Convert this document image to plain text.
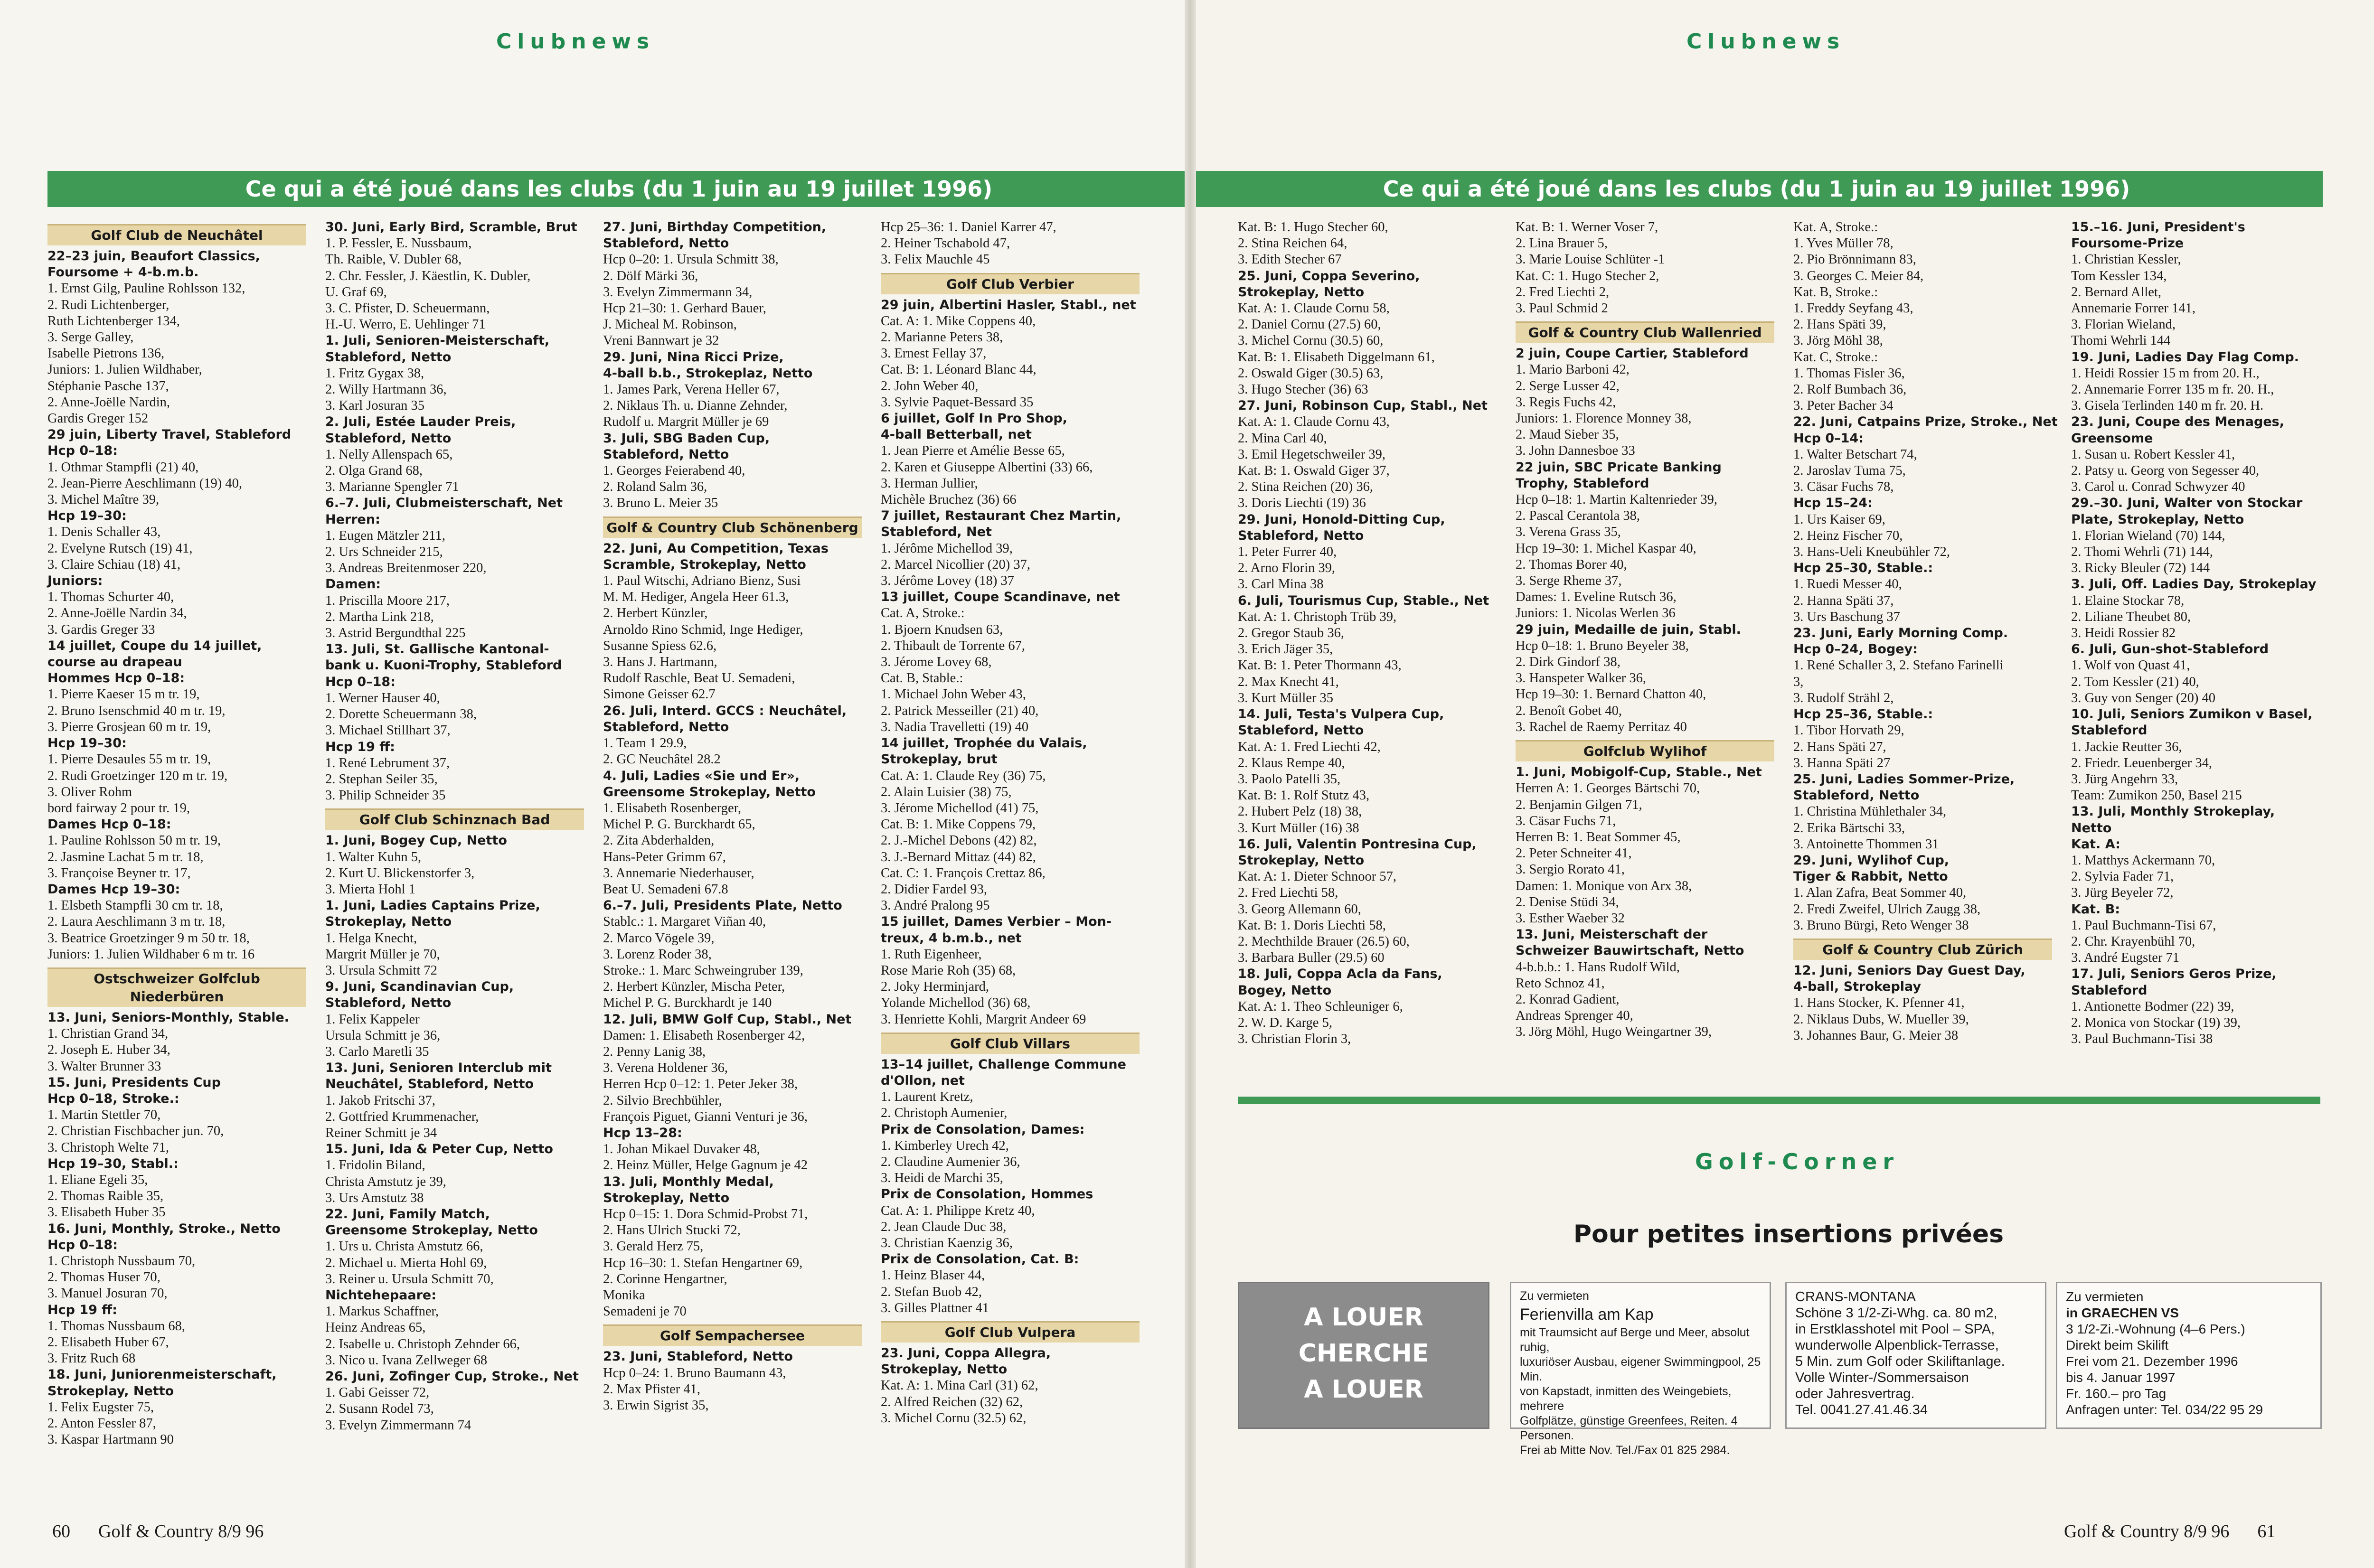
Clubnews
Ce qui a été joué dans les clubs (du 1 juin au 19 juillet 1996)
Golf Club de Neuchâtel
22–23 juin, Beaufort Classics,
Foursome + 4-b.m.b.
1. Ernst Gilg, Pauline Rohlsson 132,
2. Rudi Lichtenberger,
Ruth Lichtenberger 134,
3. Serge Galley,
Isabelle Pietrons 136,
Juniors: 1. Julien Wildhaber,
Stéphanie Pasche 137,
2. Anne-Joëlle Nardin,
Gardis Greger 152
29 juin, Liberty Travel, Stableford
Hcp 0–18:
1. Othmar Stampfli (21) 40,
2. Jean-Pierre Aeschlimann (19) 40,
3. Michel Maître 39,
Hcp 19–30:
1. Denis Schaller 43,
2. Evelyne Rutsch (19) 41,
3. Claire Schiau (18) 41,
Juniors:
1. Thomas Schurter 40,
2. Anne-Joëlle Nardin 34,
3. Gardis Greger 33
14 juillet, Coupe du 14 juillet,
course au drapeau
Hommes Hcp 0–18:
1. Pierre Kaeser 15 m tr. 19,
2. Bruno Isenschmid 40 m tr. 19,
3. Pierre Grosjean 60 m tr. 19,
Hcp 19–30:
1. Pierre Desaules 55 m tr. 19,
2. Rudi Groetzinger 120 m tr. 19,
3. Oliver Rohm
bord fairway 2 pour tr. 19,
Dames Hcp 0–18:
1. Pauline Rohlsson 50 m tr. 19,
2. Jasmine Lachat 5 m tr. 18,
3. Françoise Beyner tr. 17,
Dames Hcp 19–30:
1. Elsbeth Stampfli 30 cm tr. 18,
2. Laura Aeschlimann 3 m tr. 18,
3. Beatrice Groetzinger 9 m 50 tr. 18,
Juniors: 1. Julien Wildhaber 6 m tr. 16
Ostschweizer Golfclub Niederbüren
13. Juni, Seniors-Monthly, Stable.
1. Christian Grand 34,
2. Joseph E. Huber 34,
3. Walter Brunner 33
15. Juni, Presidents Cup
Hcp 0–18, Stroke.:
1. Martin Stettler 70,
2. Christian Fischbacher jun. 70,
3. Christoph Welte 71,
Hcp 19–30, Stabl.:
1. Eliane Egeli 35,
2. Thomas Raible 35,
3. Elisabeth Huber 35
16. Juni, Monthly, Stroke., Netto
Hcp 0–18:
1. Christoph Nussbaum 70,
2. Thomas Huser 70,
3. Manuel Josuran 70,
Hcp 19 ff:
1. Thomas Nussbaum 68,
2. Elisabeth Huber 67,
3. Fritz Ruch 68
18. Juni, Juniorenmeisterschaft,
Strokeplay, Netto
1. Felix Eugster 75,
2. Anton Fessler 87,
3. Kaspar Hartmann 90
30. Juni, Early Bird, Scramble, Brut
1. P. Fessler, E. Nussbaum,
Th. Raible, V. Dubler 68,
2. Chr. Fessler, J. Käestlin, K. Dubler,
U. Graf 69,
3. C. Pfister, D. Scheuermann,
H.-U. Werro, E. Uehlinger 71
1. Juli, Senioren-Meisterschaft,
Stableford, Netto
1. Fritz Gygax 38,
2. Willy Hartmann 36,
3. Karl Josuran 35
2. Juli, Estée Lauder Preis,
Stableford, Netto
1. Nelly Allenspach 65,
2. Olga Grand 68,
3. Marianne Spengler 71
6.–7. Juli, Clubmeisterschaft, Net
Herren:
1. Eugen Mätzler 211,
2. Urs Schneider 215,
3. Andreas Breitenmoser 220,
Damen:
1. Priscilla Moore 217,
2. Martha Link 218,
3. Astrid Bergundthal 225
13. Juli, St. Gallische Kantonal-
bank u. Kuoni-Trophy, Stableford
Hcp 0–18:
1. Werner Hauser 40,
2. Dorette Scheuermann 38,
3. Michael Stillhart 37,
Hcp 19 ff:
1. René Lebrument 37,
2. Stephan Seiler 35,
3. Philip Schneider 35
Golf Club Schinznach Bad
1. Juni, Bogey Cup, Netto
1. Walter Kuhn 5,
2. Kurt U. Blickenstorfer 3,
3. Mierta Hohl 1
1. Juni, Ladies Captains Prize,
Strokeplay, Netto
1. Helga Knecht,
Margrit Müller je 70,
3. Ursula Schmitt 72
9. Juni, Scandinavian Cup,
Stableford, Netto
1. Felix Kappeler
Ursula Schmitt je 36,
3. Carlo Maretli 35
13. Juni, Senioren Interclub mit
Neuchâtel, Stableford, Netto
1. Jakob Fritschi 37,
2. Gottfried Krummenacher,
Reiner Schmitt je 34
15. Juni, Ida & Peter Cup, Netto
1. Fridolin Biland,
Christa Amstutz je 39,
3. Urs Amstutz 38
22. Juni, Family Match,
Greensome Strokeplay, Netto
1. Urs u. Christa Amstutz 66,
2. Michael u. Mierta Hohl 69,
3. Reiner u. Ursula Schmitt 70,
Nichtehepaare:
1. Markus Schaffner,
Heinz Andreas 65,
2. Isabelle u. Christoph Zehnder 66,
3. Nico u. Ivana Zellweger 68
26. Juni, Zofinger Cup, Stroke., Net
1. Gabi Geisser 72,
2. Susann Rodel 73,
3. Evelyn Zimmermann 74
27. Juni, Birthday Competition,
Stableford, Netto
Hcp 0–20: 1. Ursula Schmitt 38,
2. Dölf Märki 36,
3. Evelyn Zimmermann 34,
Hcp 21–30: 1. Gerhard Bauer,
J. Micheal M. Robinson,
Vreni Bannwart je 32
29. Juni, Nina Ricci Prize,
4-ball b.b., Strokeplaz, Netto
1. James Park, Verena Heller 67,
2. Niklaus Th. u. Dianne Zehnder,
Rudolf u. Margrit Müller je 69
3. Juli, SBG Baden Cup,
Stableford, Netto
1. Georges Feierabend 40,
2. Roland Salm 36,
3. Bruno L. Meier 35
Golf & Country Club Schönenberg
22. Juni, Au Competition, Texas
Scramble, Strokeplay, Netto
1. Paul Witschi, Adriano Bienz, Susi
M. M. Hediger, Angela Heer 61.3,
2. Herbert Künzler,
Arnoldo Rino Schmid, Inge Hediger,
Susanne Spiess 62.6,
3. Hans J. Hartmann,
Rudolf Raschle, Beat U. Semadeni,
Simone Geisser 62.7
26. Juli, Interd. GCCS : Neuchâtel,
Stableford, Netto
1. Team 1 29.9,
2. GC Neuchâtel 28.2
4. Juli, Ladies «Sie und Er»,
Greensome Strokeplay, Netto
1. Elisabeth Rosenberger,
Michel P. G. Burckhardt 65,
2. Zita Abderhalden,
Hans-Peter Grimm 67,
3. Annemarie Niederhauser,
Beat U. Semadeni 67.8
6.–7. Juli, Presidents Plate, Netto
Stablc.: 1. Margaret Viñan 40,
2. Marco Vögele 39,
3. Lorenz Roder 38,
Stroke.: 1. Marc Schweingruber 139,
2. Herbert Künzler, Mischa Peter,
Michel P. G. Burckhardt je 140
12. Juli, BMW Golf Cup, Stabl., Net
Damen: 1. Elisabeth Rosenberger 42,
2. Penny Lanig 38,
3. Verena Holdener 36,
Herren Hcp 0–12: 1. Peter Jeker 38,
2. Silvio Brechbühler,
François Piguet, Gianni Venturi je 36,
Hcp 13–28:
1. Johan Mikael Duvaker 48,
2. Heinz Müller, Helge Gagnum je 42
13. Juli, Monthly Medal,
Strokeplay, Netto
Hcp 0–15: 1. Dora Schmid-Probst 71,
2. Hans Ulrich Stucki 72,
3. Gerald Herz 75,
Hcp 16–30: 1. Stefan Hengartner 69,
2. Corinne Hengartner,
Monika
Semadeni je 70
Golf Sempachersee
23. Juni, Stableford, Netto
Hcp 0–24: 1. Bruno Baumann 43,
2. Max Pfister 41,
3. Erwin Sigrist 35,
Hcp 25–36: 1. Daniel Karrer 47,
2. Heiner Tschabold 47,
3. Felix Mauchle 45
Golf Club Verbier
29 juin, Albertini Hasler, Stabl., net
Cat. A: 1. Mike Coppens 40,
2. Marianne Peters 38,
3. Ernest Fellay 37,
Cat. B: 1. Léonard Blanc 44,
2. John Weber 40,
3. Sylvie Paquet-Bessard 35
6 juillet, Golf In Pro Shop,
4-ball Betterball, net
1. Jean Pierre et Amélie Besse 65,
2. Karen et Giuseppe Albertini (33) 66,
3. Herman Jullier,
Michèle Bruchez (36) 66
7 juillet, Restaurant Chez Martin,
Stableford, Net
1. Jérôme Michellod 39,
2. Marcel Nicollier (20) 37,
3. Jérôme Lovey (18) 37
13 juillet, Coupe Scandinave, net
Cat. A, Stroke.:
1. Bjoern Knudsen 63,
2. Thibault de Torrente 67,
3. Jérome Lovey 68,
Cat. B, Stable.:
1. Michael John Weber 43,
2. Patrick Messeiller (21) 40,
3. Nadia Travelletti (19) 40
14 juillet, Trophée du Valais,
Strokeplay, brut
Cat. A: 1. Claude Rey (36) 75,
2. Alain Luisier (38) 75,
3. Jérome Michellod (41) 75,
Cat. B: 1. Mike Coppens 79,
2. J.-Michel Debons (42) 82,
3. J.-Bernard Mittaz (44) 82,
Cat. C: 1. François Crettaz 86,
2. Didier Fardel 93,
3. André Pralong 95
15 juillet, Dames Verbier – Mon-
treux, 4 b.m.b., net
1. Ruth Eigenheer,
Rose Marie Roh (35) 68,
2. Joky Herminjard,
Yolande Michellod (36) 68,
3. Henriette Kohli, Margrit Andeer 69
Golf Club Villars
13–14 juillet, Challenge Commune
d'Ollon, net
1. Laurent Kretz,
2. Christoph Aumenier,
Prix de Consolation, Dames:
1. Kimberley Urech 42,
2. Claudine Aumenier 36,
3. Heidi de Marchi 35,
Prix de Consolation, Hommes
Cat. A: 1. Philippe Kretz 40,
2. Jean Claude Duc 38,
3. Christian Kaenzig 36,
Prix de Consolation, Cat. B:
1. Heinz Blaser 44,
2. Stefan Buob 42,
3. Gilles Plattner 41
Golf Club Vulpera
23. Juni, Coppa Allegra,
Strokeplay, Netto
Kat. A: 1. Mina Carl (31) 62,
2. Alfred Reichen (32) 62,
3. Michel Cornu (32.5) 62,
60 Golf & Country 8/9 96
Clubnews
Ce qui a été joué dans les clubs (du 1 juin au 19 juillet 1996)
Kat. B: 1. Hugo Stecher 60,
2. Stina Reichen 64,
3. Edith Stecher 67
25. Juni, Coppa Severino,
Strokeplay, Netto
Kat. A: 1. Claude Cornu 58,
2. Daniel Cornu (27.5) 60,
3. Michel Cornu (30.5) 60,
Kat. B: 1. Elisabeth Diggelmann 61,
2. Oswald Giger (30.5) 63,
3. Hugo Stecher (36) 63
27. Juni, Robinson Cup, Stabl., Net
Kat. A: 1. Claude Cornu 43,
2. Mina Carl 40,
3. Emil Hegetschweiler 39,
Kat. B: 1. Oswald Giger 37,
2. Stina Reichen (20) 36,
3. Doris Liechti (19) 36
29. Juni, Honold-Ditting Cup,
Stableford, Netto
1. Peter Furrer 40,
2. Arno Florin 39,
3. Carl Mina 38
6. Juli, Tourismus Cup, Stable., Net
Kat. A: 1. Christoph Trüb 39,
2. Gregor Staub 36,
3. Erich Jäger 35,
Kat. B: 1. Peter Thormann 43,
2. Max Knecht 41,
3. Kurt Müller 35
14. Juli, Testa's Vulpera Cup,
Stableford, Netto
Kat. A: 1. Fred Liechti 42,
2. Klaus Rempe 40,
3. Paolo Patelli 35,
Kat. B: 1. Rolf Stutz 43,
2. Hubert Pelz (18) 38,
3. Kurt Müller (16) 38
16. Juli, Valentin Pontresina Cup,
Strokeplay, Netto
Kat. A: 1. Dieter Schnoor 57,
2. Fred Liechti 58,
3. Georg Allemann 60,
Kat. B: 1. Doris Liechti 58,
2. Mechthilde Brauer (26.5) 60,
3. Barbara Buller (29.5) 60
18. Juli, Coppa Acla da Fans,
Bogey, Netto
Kat. A: 1. Theo Schleuniger 6,
2. W. D. Karge 5,
3. Christian Florin 3,
Kat. B: 1. Werner Voser 7,
2. Lina Brauer 5,
3. Marie Louise Schlüter -1
Kat. C: 1. Hugo Stecher 2,
2. Fred Liechti 2,
3. Paul Schmid 2
Golf & Country Club Wallenried
2 juin, Coupe Cartier, Stableford
1. Mario Barboni 42,
2. Serge Lusser 42,
3. Regis Fuchs 42,
Juniors: 1. Florence Monney 38,
2. Maud Sieber 35,
3. John Dannesboe 33
22 juin, SBC Pricate Banking
Trophy, Stableford
Hcp 0–18: 1. Martin Kaltenrieder 39,
2. Pascal Cerantola 38,
3. Verena Grass 35,
Hcp 19–30: 1. Michel Kaspar 40,
2. Thomas Borer 40,
3. Serge Rheme 37,
Dames: 1. Eveline Rutsch 36,
Juniors: 1. Nicolas Werlen 36
29 juin, Medaille de juin, Stabl.
Hcp 0–18: 1. Bruno Beyeler 38,
2. Dirk Gindorf 38,
3. Hanspeter Walker 36,
Hcp 19–30: 1. Bernard Chatton 40,
2. Benoît Gobet 40,
3. Rachel de Raemy Perritaz 40
Golfclub Wylihof
1. Juni, Mobigolf-Cup, Stable., Net
Herren A: 1. Georges Bärtschi 70,
2. Benjamin Gilgen 71,
3. Cäsar Fuchs 71,
Herren B: 1. Beat Sommer 45,
2. Peter Schneiter 41,
3. Sergio Rorato 41,
Damen: 1. Monique von Arx 38,
2. Denise Stüdi 34,
3. Esther Waeber 32
13. Juni, Meisterschaft der
Schweizer Bauwirtschaft, Netto
4-b.b.b.: 1. Hans Rudolf Wild,
Reto Schnoz 41,
2. Konrad Gadient,
Andreas Sprenger 40,
3. Jörg Möhl, Hugo Weingartner 39,
Kat. A, Stroke.:
1. Yves Müller 78,
2. Pio Brönnimann 83,
3. Georges C. Meier 84,
Kat. B, Stroke.:
1. Freddy Seyfang 43,
2. Hans Späti 39,
3. Jörg Möhl 38,
Kat. C, Stroke.:
1. Thomas Fisler 36,
2. Rolf Bumbach 36,
3. Peter Bacher 34
22. Juni, Catpains Prize, Stroke., Net
Hcp 0–14:
1. Walter Betschart 74,
2. Jaroslav Tuma 75,
3. Cäsar Fuchs 78,
Hcp 15–24:
1. Urs Kaiser 69,
2. Heinz Fischer 70,
3. Hans-Ueli Kneubühler 72,
Hcp 25–30, Stable.:
1. Ruedi Messer 40,
2. Hanna Späti 37,
3. Urs Baschung 37
23. Juni, Early Morning Comp.
Hcp 0–24, Bogey:
1. René Schaller 3, 2. Stefano Farinelli
3,
3. Rudolf Strähl 2,
Hcp 25–36, Stable.:
1. Tibor Horvath 29,
2. Hans Späti 27,
3. Hanna Späti 27
25. Juni, Ladies Sommer-Prize,
Stableford, Netto
1. Christina Mühlethaler 34,
2. Erika Bärtschi 33,
3. Antoinette Thommen 31
29. Juni, Wylihof Cup,
Tiger & Rabbit, Netto
1. Alan Zafra, Beat Sommer 40,
2. Fredi Zweifel, Ulrich Zaugg 38,
3. Bruno Bürgi, Reto Wenger 38
Golf & Country Club Zürich
12. Juni, Seniors Day Guest Day,
4-ball, Strokeplay
1. Hans Stocker, K. Pfenner 41,
2. Niklaus Dubs, W. Mueller 39,
3. Johannes Baur, G. Meier 38
15.–16. Juni, President's
Foursome-Prize
1. Christian Kessler,
Tom Kessler 134,
2. Bernard Allet,
Annemarie Forrer 141,
3. Florian Wieland,
Thomi Wehrli 144
19. Juni, Ladies Day Flag Comp.
1. Heidi Rossier 15 m from 20. H.,
2. Annemarie Forrer 135 m fr. 20. H.,
3. Gisela Terlinden 140 m fr. 20. H.
23. Juni, Coupe des Menages,
Greensome
1. Susan u. Robert Kessler 41,
2. Patsy u. Georg von Segesser 40,
3. Carol u. Conrad Schwyzer 40
29.–30. Juni, Walter von Stockar
Plate, Strokeplay, Netto
1. Florian Wieland (70) 144,
2. Thomi Wehrli (71) 144,
3. Ricky Bleuler (72) 144
3. Juli, Off. Ladies Day, Strokeplay
1. Elaine Stockar 78,
2. Liliane Theubet 80,
3. Heidi Rossier 82
6. Juli, Gun-shot-Stableford
1. Wolf von Quast 41,
2. Tom Kessler (21) 40,
3. Guy von Senger (20) 40
10. Juli, Seniors Zumikon v Basel,
Stableford
1. Jackie Reutter 36,
2. Friedr. Leuenberger 34,
3. Jürg Angehrn 33,
Team: Zumikon 250, Basel 215
13. Juli, Monthly Strokeplay,
Netto
Kat. A:
1. Matthys Ackermann 70,
2. Sylvia Fader 71,
3. Jürg Beyeler 72,
Kat. B:
1. Paul Buchmann-Tisi 67,
2. Chr. Krayenbühl 70,
3. André Eugster 71
17. Juli, Seniors Geros Prize,
Stableford
1. Antionette Bodmer (22) 39,
2. Monica von Stockar (19) 39,
3. Paul Buchmann-Tisi 38
Golf & Country 8/9 96 61
Golf-Corner
Pour petites insertions privées
A LOUER
CHERCHE
A LOUER
Zu vermieten
Ferienvilla am Kap
mit Traumsicht auf Berge und Meer, absolut ruhig,
luxuriöser Ausbau, eigener Swimmingpool, 25 Min.
von Kapstadt, inmitten des Weingebiets, mehrere
Golfplätze, günstige Greenfees, Reiten. 4 Personen.
Frei ab Mitte Nov. Tel./Fax 01 825 2984.
CRANS-MONTANA
Schöne 3 1/2-Zi-Whg. ca. 80 m2,
in Erstklasshotel mit Pool – SPA,
wunderwolle Alpenblick-Terrasse,
5 Min. zum Golf oder Skiliftanlage.
Volle Winter-/Sommersaison
oder Jahresvertrag.
Tel. 0041.27.41.46.34
Zu vermieten
in GRAECHEN VS
3 1/2-Zi.-Wohnung (4–6 Pers.)
Direkt beim Skilift
Frei vom 21. Dezember 1996
bis 4. Januar 1997
Fr. 160.– pro Tag
Anfragen unter: Tel. 034/22 95 29
